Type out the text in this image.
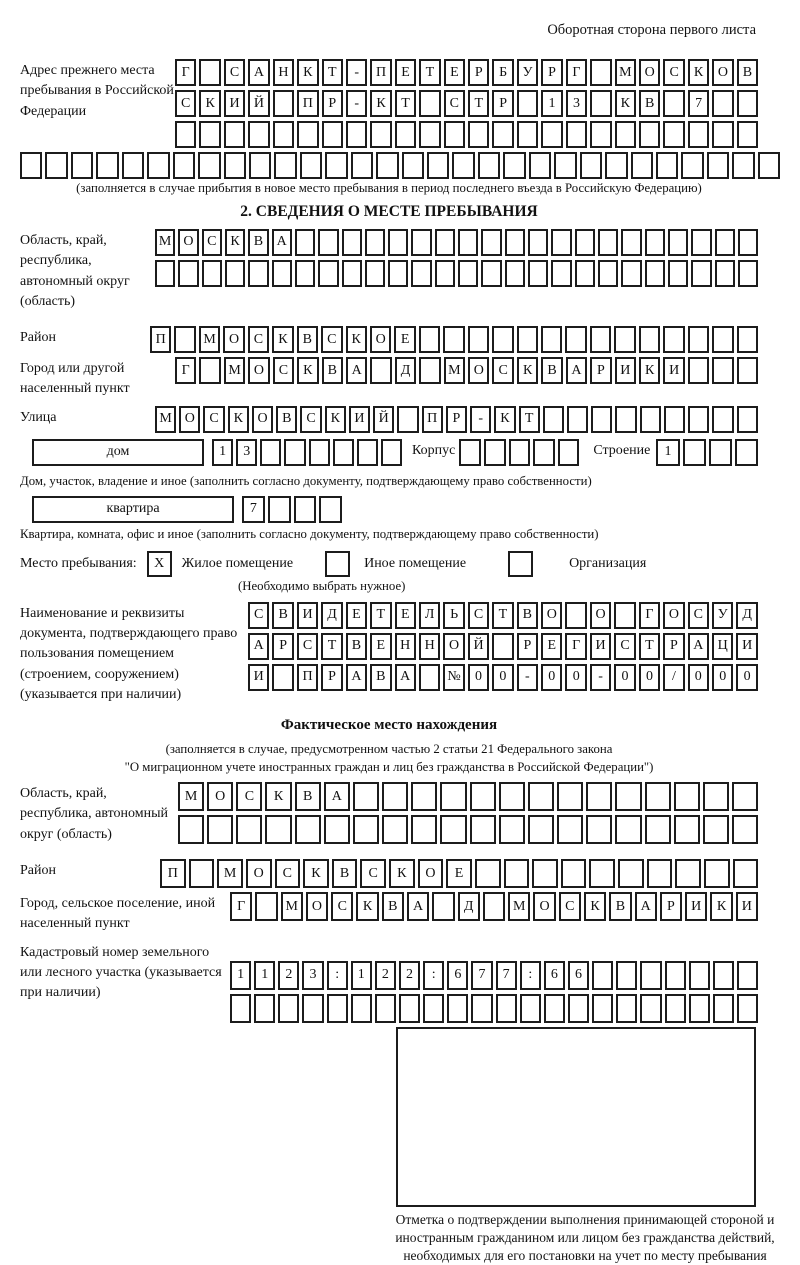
Оборотная сторона первого листа
Адрес прежнего места пребывания в Российской Федерации
Г	С	А	Н	К	Т	-	П	Е	Т	Е	Р	Б	У	Р	Г	М О	С	К	О	В
С	К	И	Й	П	Р	-	К	Т	С	Т	Р	1	3	К	В	7
(заполняется в случае прибытия в новое место пребывания в период последнего въезда в Российскую Федерацию)
2. СВЕДЕНИЯ О МЕСТЕ ПРЕБЫВАНИЯ
Область, край, республика, автономный округ (область)
М О С К В А
Район	П	М О	С	К	В	С	К	О	Е
Город или другой населенный пункт
Г	М О	С	К	В	А	Д	М О	С	К	В	А	Р	И	К	И
Улица	М О	С	К	О	В	С	К	И	Й	П	Р	-	К	Т
дом	1	3	Корпус	Строение	1
Дом, участок, владение и иное (заполнить согласно документу, подтверждающему право собственности)
квартира	7
Квартира, комната, офис и иное (заполнить согласно документу, подтверждающему право собственности)
Место пребывания:	X	Жилое помещение	Иное помещение	Организация
(Необходимо выбрать нужное)
Наименование и реквизиты документа, подтверждающего право пользования помещением (строением, сооружением) (указывается при наличии)
С	В	И	Д	Е	Т	Е	Л	Ь	С	Т	В	О	О	Г	О	С	У	Д
А	Р	С	Т	В	Е	Н	Н	О	Й	Р	Е	Г	И	С	Т	Р	А	Ц	И
И	П	Р	А	В	А	№	0	0	-	0	0	-	0	0	/	0	0	0
Фактическое место нахождения
(заполняется в случае, предусмотренном частью 2 статьи 21 Федерального закона
"О миграционном учете иностранных граждан и лиц без гражданства в Российской Федерации")
Область, край, республика, автономный округ (область)
М	О	С	К	В	А
Район	П	М	О	С	К	В	С	К	О	Е
Город, сельское поселение, иной населенный пункт
Г	М	О	С	К	В	А	Д	М	О	С	К	В	А	Р	И	К	И
Кадастровый номер земельного или лесного участка (указывается при наличии)
1	1	2	3	:	1	2	2	:	6	7	7	:	6	6
Отметка о подтверждении выполнения принимающей стороной и иностранным гражданином или лицом без гражданства действий, необходимых для его постановки на учет по месту пребывания
